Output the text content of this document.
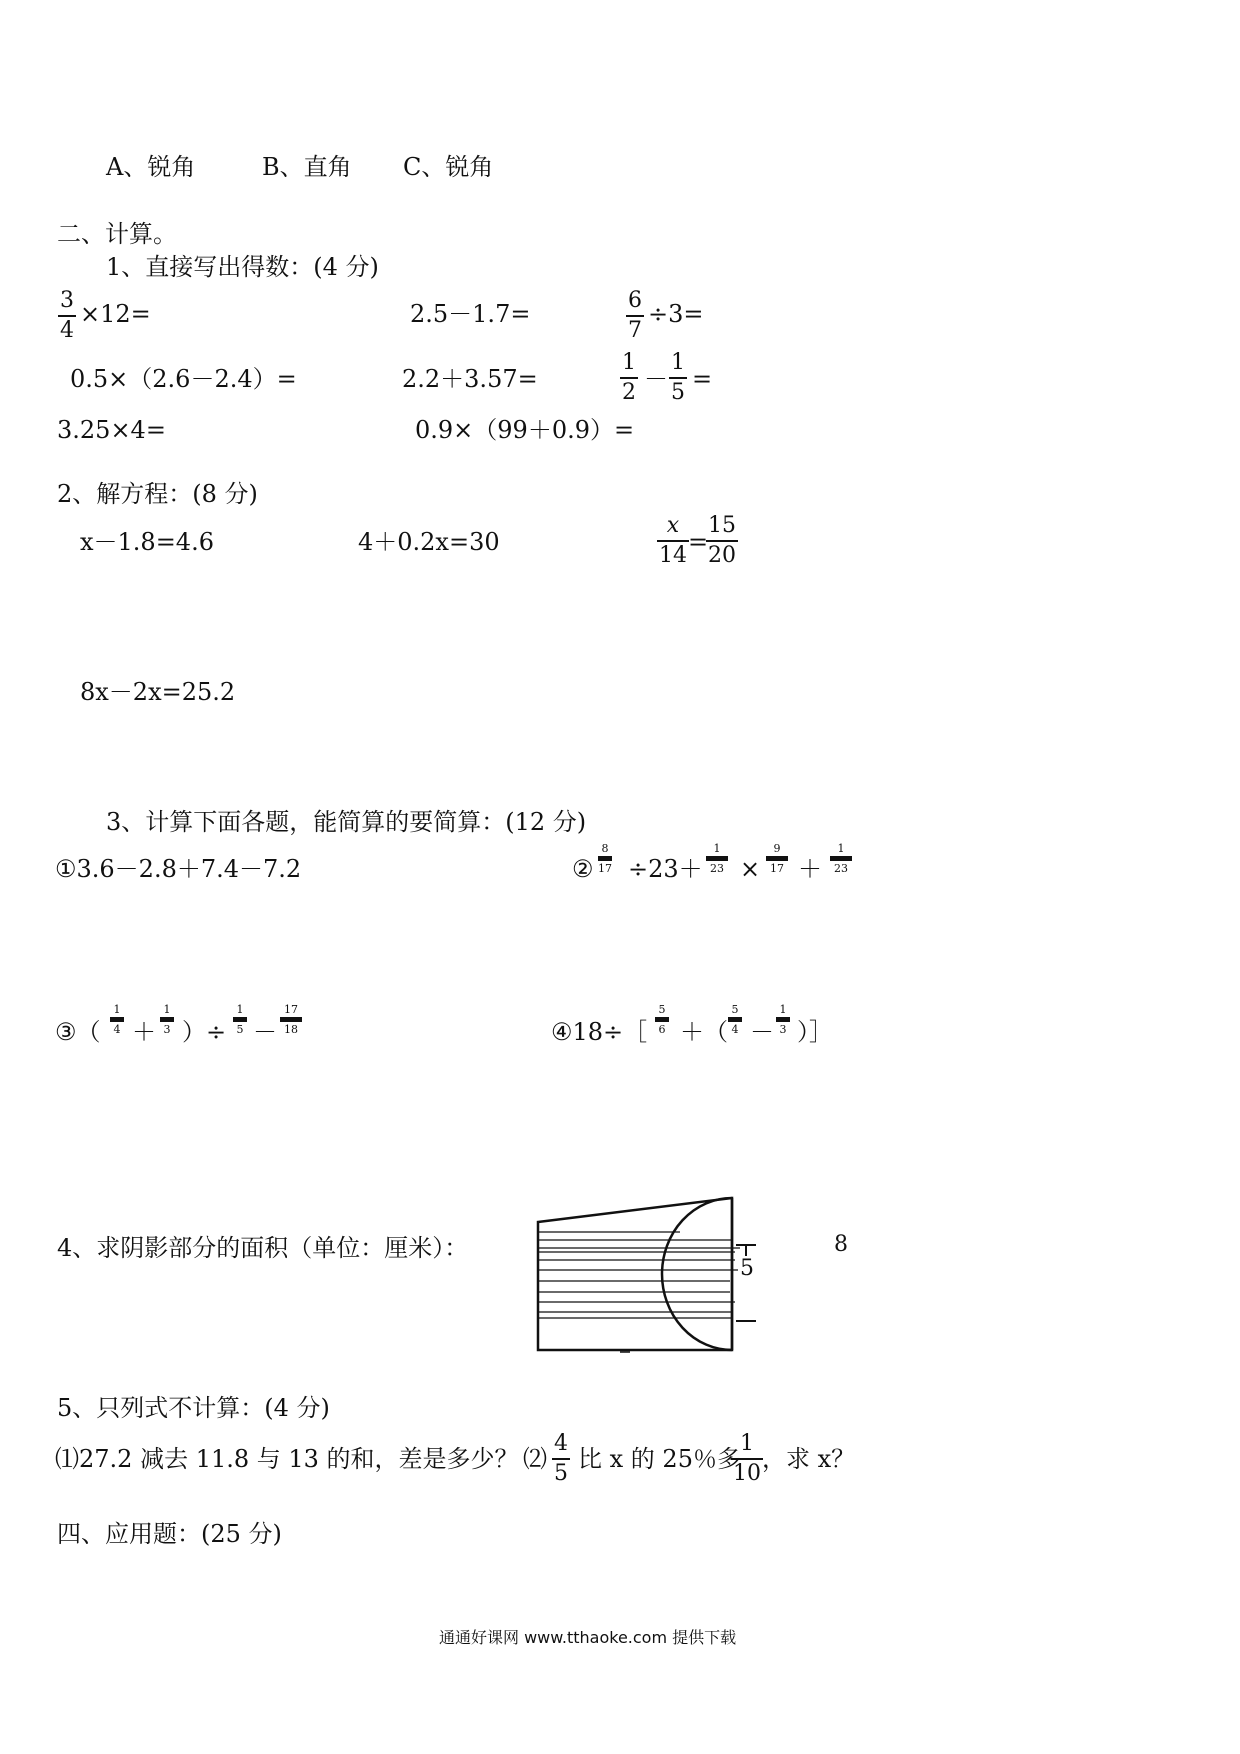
A、锐角	B、直角 C、锐角
二、计算。
1、直接写出得数：(4 分)
$\frac{3}{4} \times 12=$	2.5－1.7=	$\frac{6}{7} \div 3=$
0.5×（2.6－2.4）=	2.2＋3.57=	$\frac{1}{2} - \frac{1}{5}$ =
3.25×4=	0.9×（99＋0.9）=
2、解方程：(8 分)
x－1.8=4.6	4＋0.2x=30	$\frac{x}{14}$ =
$\frac{15}{20}$
8x－2x=25.2
3、计算下面各题，能简算的要简算：(12 分)
①3.6－2.8＋7.4－7.2	②
8
17 ÷23＋
1
23 ×
9
17 ＋
1
23
③（
1
4 ＋
1
3 ）÷
1
5 －
17
18	④18÷［
5
6 ＋（
5
4 －
1
3 ）］
4、求阴影部分的面积（单位：厘米）：
5
8
5、只列式不计算：(4 分)
⑴27.2 减去 11.8 与 13 的和，差是多少？ ⑵ $\frac{4}{5}$ 比 x 的 25％多
$\frac{1}{10}$ ，求 x？
四、应用题：(25 分)
通通好课网 www.tthaoke.com 提供下载
